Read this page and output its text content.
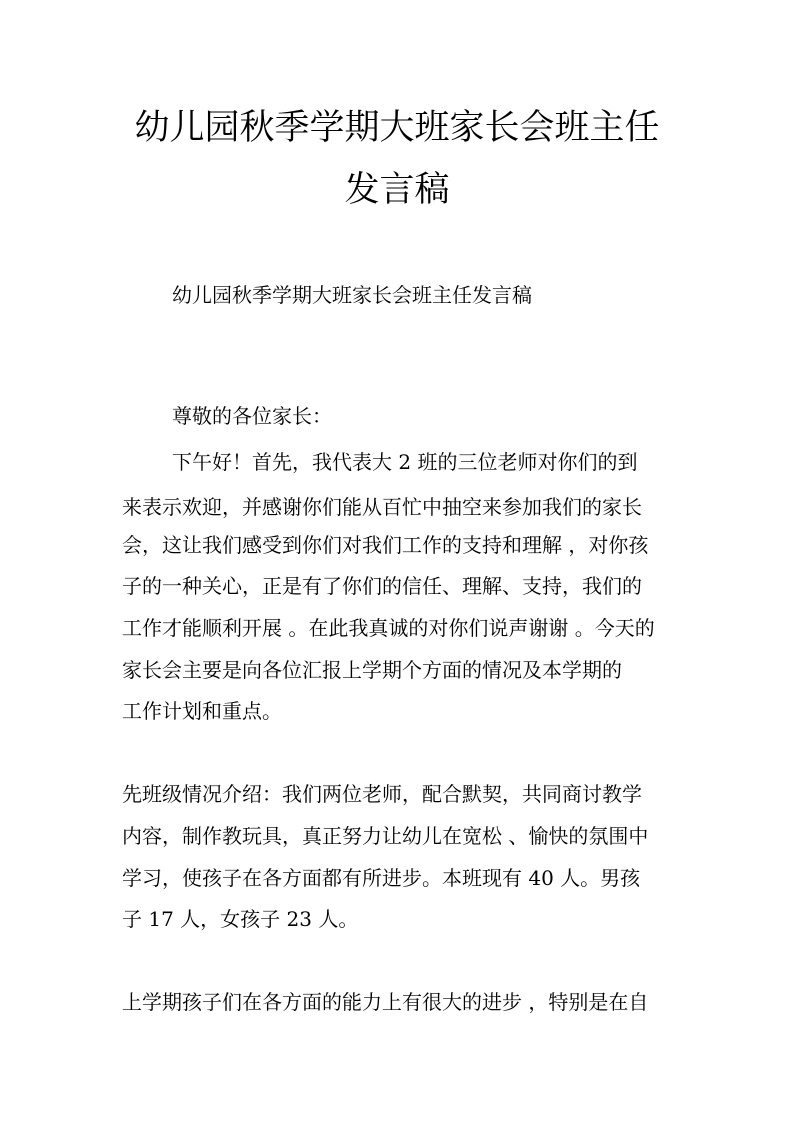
幼儿园秋季学期大班家长会班主任
发言稿

幼儿园秋季学期大班家长会班主任发言稿

尊敬的各位家长：

下午好！首先，我代表大 2 班的三位老师对你们的到

来表示欢迎，并感谢你们能从百忙中抽空来参加我们的家长

会，这让我们感受到你们对我们工作的支持和理解 ，对你孩

子的一种关心，正是有了你们的信任、理解、支持，我们的

工作才能顺利开展 。在此我真诚的对你们说声谢谢 。今天的

家长会主要是向各位汇报上学期个方面的情况及本学期的

工作计划和重点。

先班级情况介绍：我们两位老师，配合默契，共同商讨教学

内容，制作教玩具，真正努力让幼儿在宽松 、愉快的氛围中

学习，使孩子在各方面都有所进步。本班现有 40 人。男孩

子 17 人，女孩子 23 人。

上学期孩子们在各方面的能力上有很大的进步 ，特别是在自
